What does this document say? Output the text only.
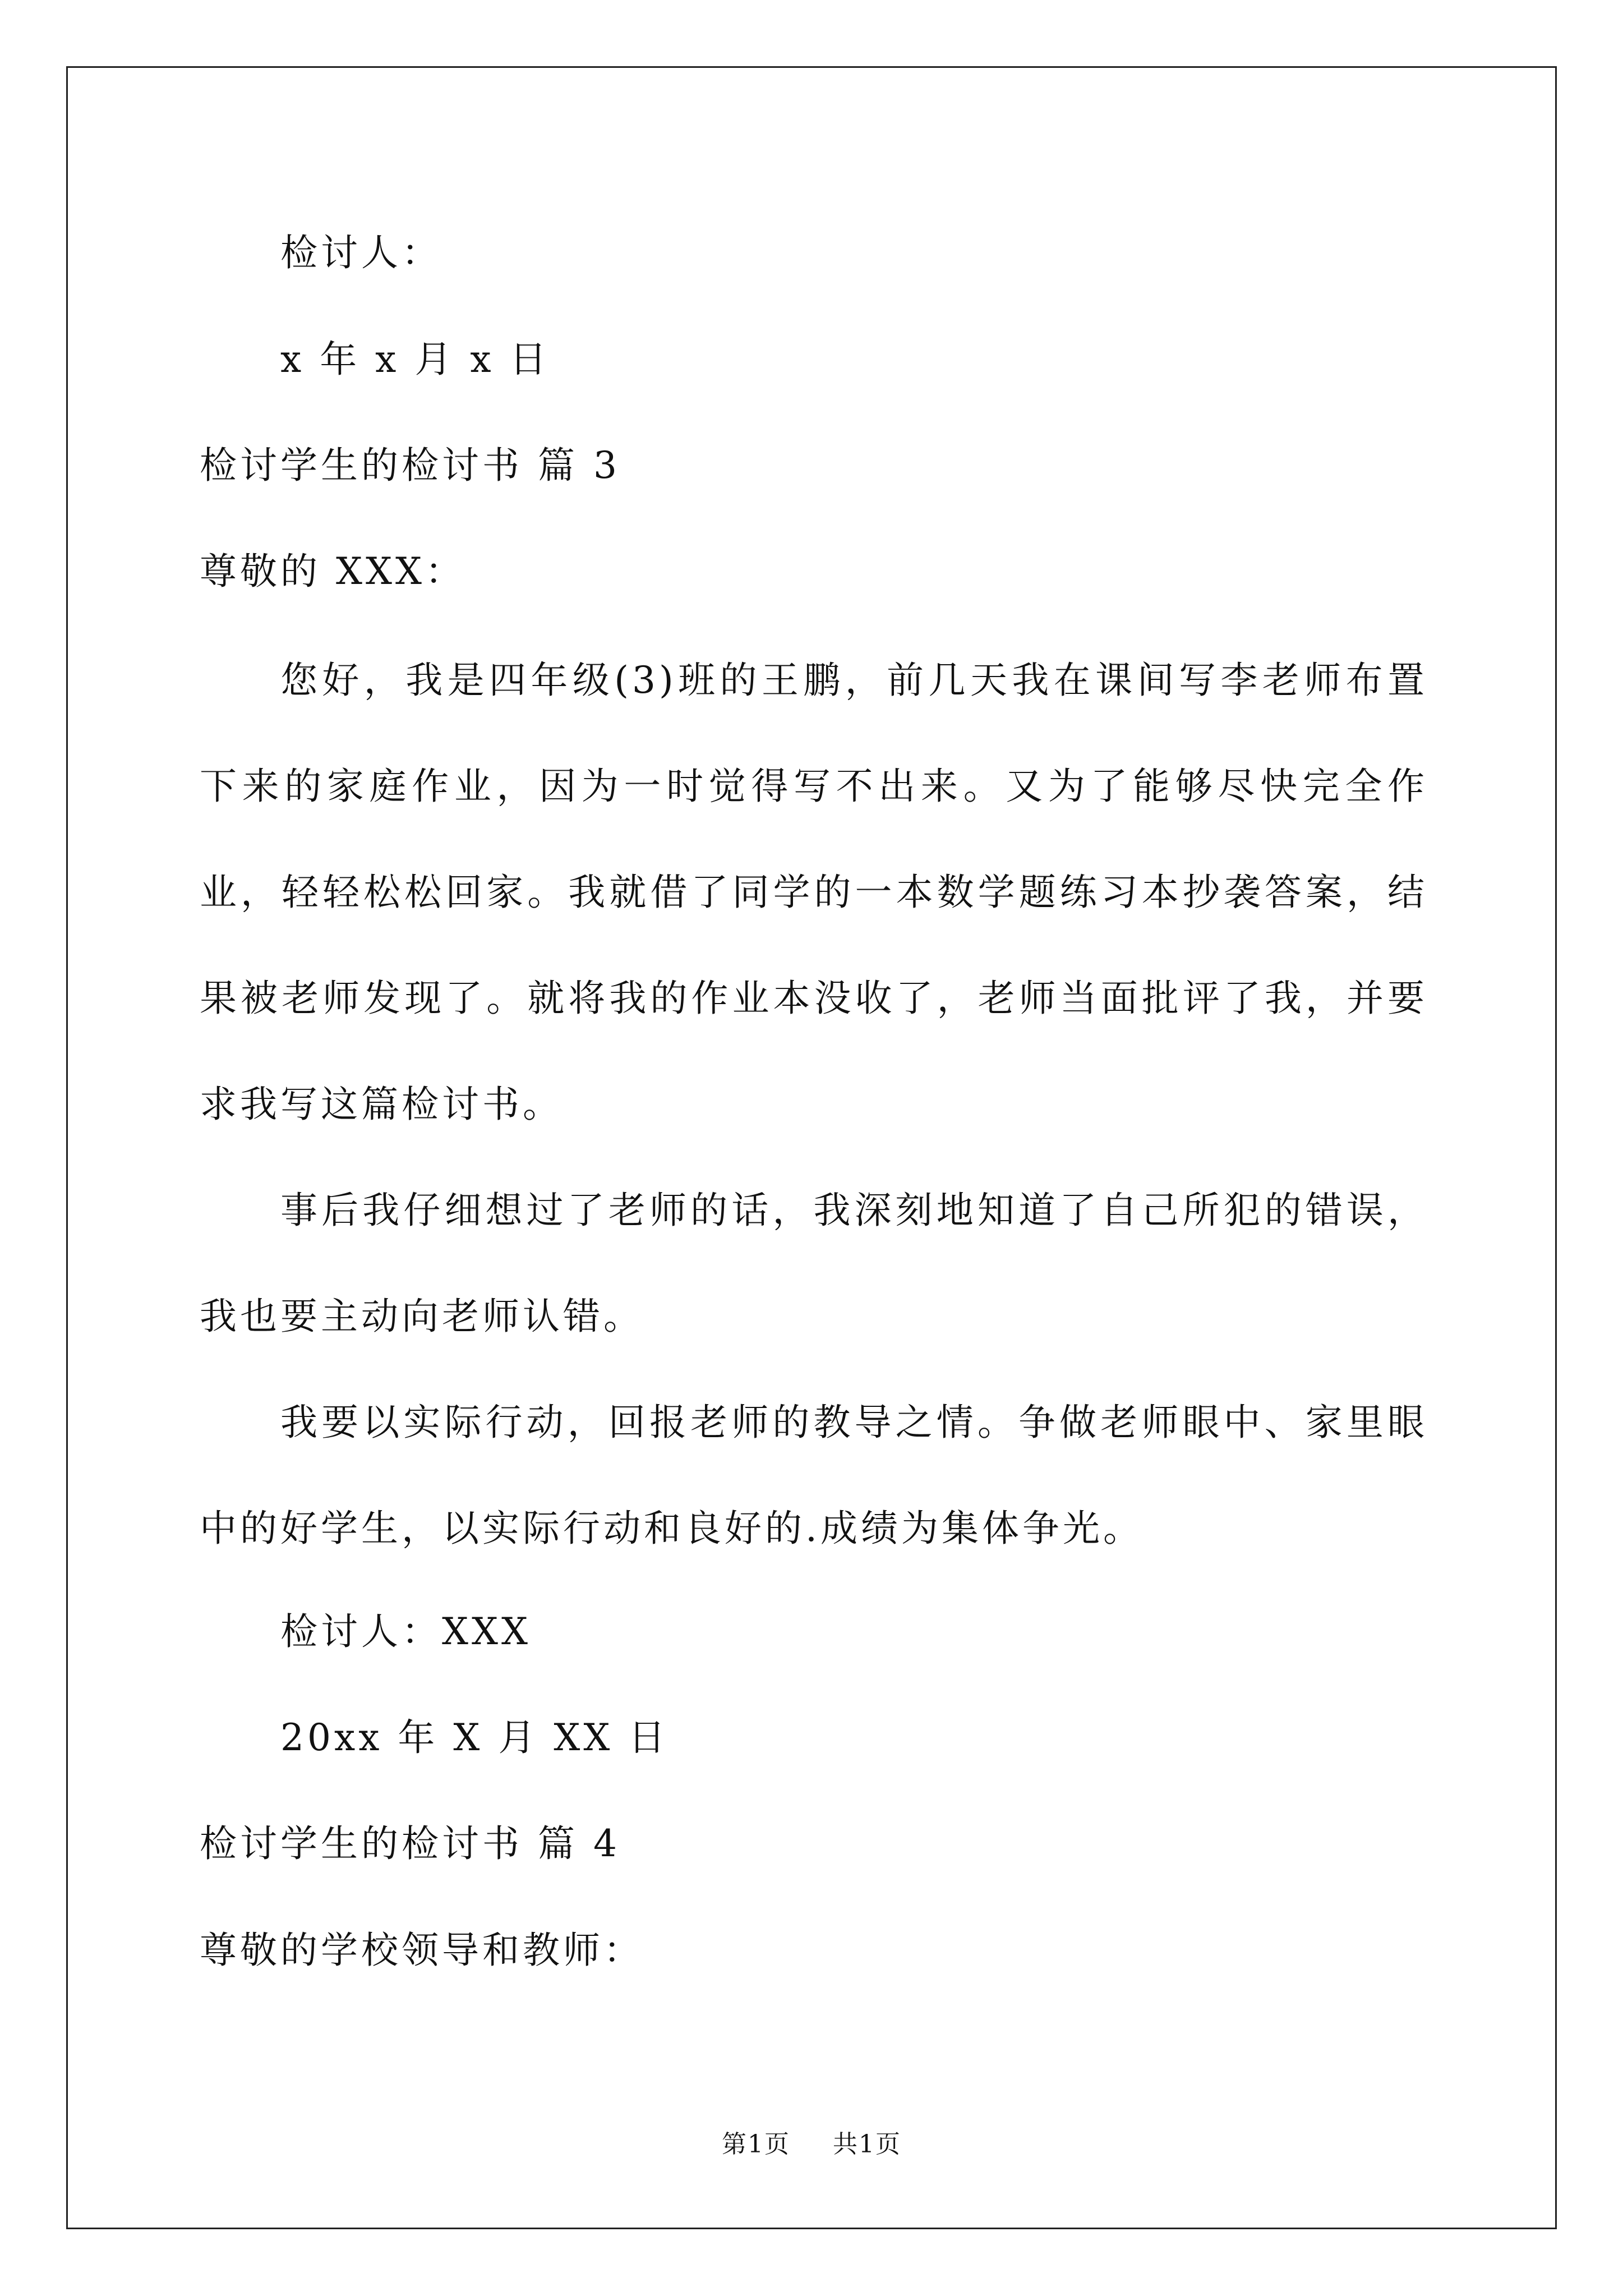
检讨人：
x 年 x 月 x 日
检讨学生的检讨书 篇 3
尊敬的 XXX：
您好，我是四年级(3)班的王鹏，前几天我在课间写李老师布置下来的家庭作业，因为一时觉得写不出来。又为了能够尽快完全作业，轻轻松松回家。我就借了同学的一本数学题练习本抄袭答案，结果被老师发现了。就将我的作业本没收了，老师当面批评了我，并要求我写这篇检讨书。
事后我仔细想过了老师的话，我深刻地知道了自己所犯的错误，我也要主动向老师认错。
我要以实际行动，回报老师的教导之情。争做老师眼中、家里眼中的好学生，以实际行动和良好的.成绩为集体争光。
检讨人：XXX
20xx 年 X 月 XX 日
检讨学生的检讨书 篇 4
尊敬的学校领导和教师：
第1页 共1页
